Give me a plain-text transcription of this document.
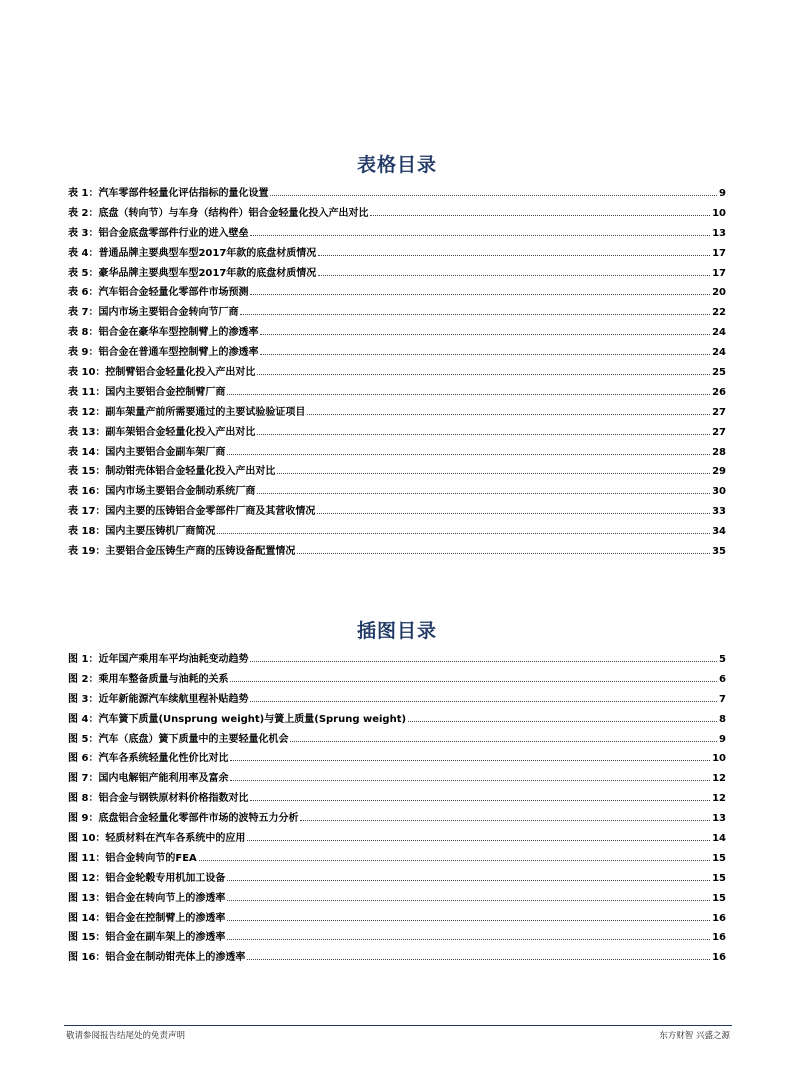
表格目录
表 1：汽车零部件轻量化评估指标的量化设置	9
表 2：底盘（转向节）与车身（结构件）铝合金轻量化投入产出对比	10
表 3：铝合金底盘零部件行业的进入壁垒	13
表 4：普通品牌主要典型车型2017年款的底盘材质情况	17
表 5：豪华品牌主要典型车型2017年款的底盘材质情况	17
表 6：汽车铝合金轻量化零部件市场预测	20
表 7：国内市场主要铝合金转向节厂商	22
表 8：铝合金在豪华车型控制臂上的渗透率	24
表 9：铝合金在普通车型控制臂上的渗透率	24
表 10：控制臂铝合金轻量化投入产出对比	25
表 11：国内主要铝合金控制臂厂商	26
表 12：副车架量产前所需要通过的主要试验验证项目	27
表 13：副车架铝合金轻量化投入产出对比	27
表 14：国内主要铝合金副车架厂商	28
表 15：制动钳壳体铝合金轻量化投入产出对比	29
表 16：国内市场主要铝合金制动系统厂商	30
表 17：国内主要的压铸铝合金零部件厂商及其营收情况	33
表 18：国内主要压铸机厂商简况	34
表 19：主要铝合金压铸生产商的压铸设备配置情况	35
插图目录
图 1：近年国产乘用车平均油耗变动趋势	5
图 2：乘用车整备质量与油耗的关系	6
图 3：近年新能源汽车续航里程补贴趋势	7
图 4：汽车簧下质量(Unsprung weight)与簧上质量(Sprung weight)	8
图 5：汽车（底盘）簧下质量中的主要轻量化机会	9
图 6：汽车各系统轻量化性价比对比	10
图 7：国内电解铝产能利用率及富余	12
图 8：铝合金与钢铁原材料价格指数对比	12
图 9：底盘铝合金轻量化零部件市场的波特五力分析	13
图 10：轻质材料在汽车各系统中的应用	14
图 11：铝合金转向节的FEA	15
图 12：铝合金轮毂专用机加工设备	15
图 13：铝合金在转向节上的渗透率	15
图 14：铝合金在控制臂上的渗透率	16
图 15：铝合金在副车架上的渗透率	16
图 16：铝合金在制动钳壳体上的渗透率	16
敬请参阅报告结尾处的免责声明	东方财智 兴盛之源
